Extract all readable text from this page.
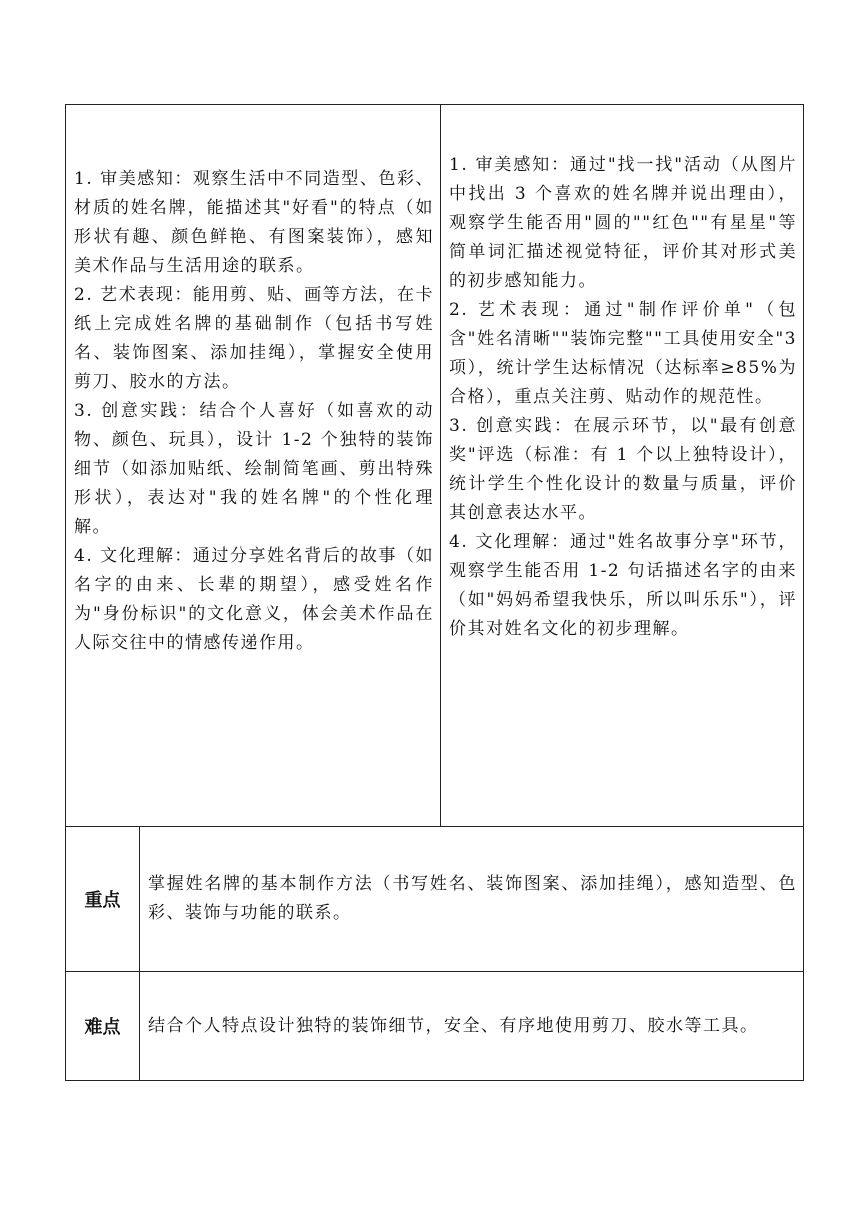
1. 审美感知：观察生活中不同造型、色彩、材质的姓名牌，能描述其"好看"的特点（如形状有趣、颜色鲜艳、有图案装饰），感知美术作品与生活用途的联系。

2. 艺术表现：能用剪、贴、画等方法，在卡纸上完成姓名牌的基础制作（包括书写姓名、装饰图案、添加挂绳），掌握安全使用剪刀、胶水的方法。

3. 创意实践：结合个人喜好（如喜欢的动物、颜色、玩具），设计 1-2 个独特的装饰细节（如添加贴纸、绘制简笔画、剪出特殊形状），表达对"我的姓名牌"的个性化理解。

4. 文化理解：通过分享姓名背后的故事（如名字的由来、长辈的期望），感受姓名作为"身份标识"的文化意义，体会美术作品在人际交往中的情感传递作用。

1. 审美感知：通过"找一找"活动（从图片中找出 3 个喜欢的姓名牌并说出理由），观察学生能否用"圆的""红色""有星星"等简单词汇描述视觉特征，评价其对形式美的初步感知能力。

2. 艺术表现：通过"制作评价单"（包含"姓名清晰""装饰完整""工具使用安全"3 项），统计学生达标情况（达标率≥85%为合格），重点关注剪、贴动作的规范性。

3. 创意实践：在展示环节，以"最有创意奖"评选（标准：有 1 个以上独特设计），统计学生个性化设计的数量与质量，评价其创意表达水平。

4. 文化理解：通过"姓名故事分享"环节，观察学生能否用 1-2 句话描述名字的由来（如"妈妈希望我快乐，所以叫乐乐"），评价其对姓名文化的初步理解。

重点

掌握姓名牌的基本制作方法（书写姓名、装饰图案、添加挂绳），感知造型、色彩、装饰与功能的联系。

难点	结合个人特点设计独特的装饰细节，安全、有序地使用剪刀、胶水等工具。
